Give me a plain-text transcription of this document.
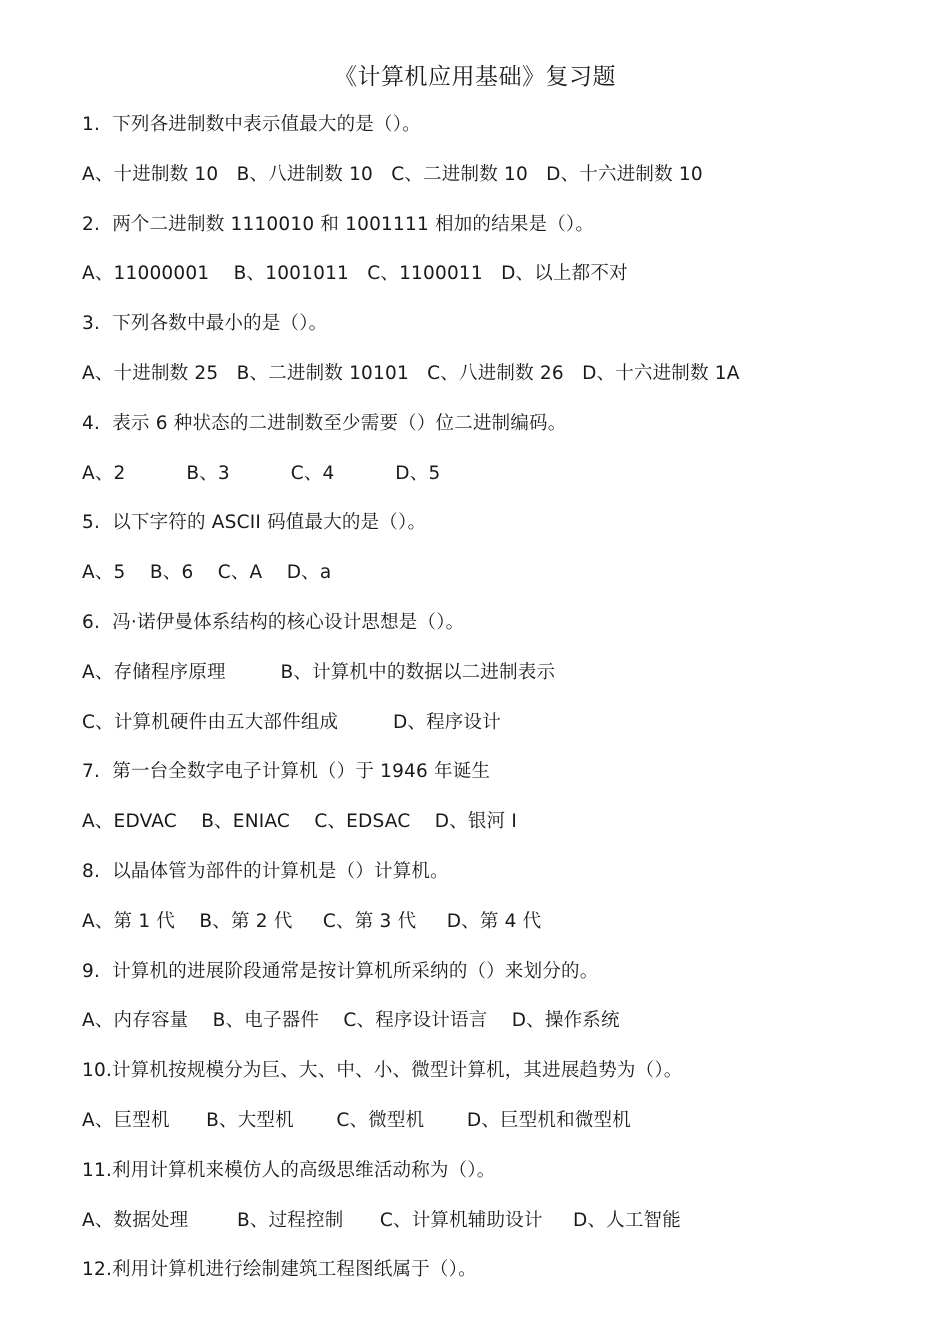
《计算机应用基础》复习题
1.  下列各进制数中表示值最大的是（）。
A、十进制数 10   B、八进制数 10   C、二进制数 10   D、十六进制数 10
2.  两个二进制数 1110010 和 1001111 相加的结果是（）。
A、11000001    B、1001011   C、1100011   D、以上都不对
3.  下列各数中最小的是（）。
A、十进制数 25   B、二进制数 10101   C、八进制数 26   D、十六进制数 1A
4.  表示 6 种状态的二进制数至少需要（）位二进制编码。
A、2          B、3          C、4          D、5
5.  以下字符的 ASCII 码值最大的是（）。
A、5    B、6    C、A    D、a
6.  冯·诺伊曼体系结构的核心设计思想是（）。
A、存储程序原理         B、计算机中的数据以二进制表示
C、计算机硬件由五大部件组成         D、程序设计
7.  第一台全数字电子计算机（）于 1946 年诞生
A、EDVAC    B、ENIAC    C、EDSAC    D、银河 I
8.  以晶体管为部件的计算机是（）计算机。
A、第 1 代    B、第 2 代     C、第 3 代     D、第 4 代
9.  计算机的进展阶段通常是按计算机所采纳的（）来划分的。
A、内存容量    B、电子器件    C、程序设计语言    D、操作系统
10.计算机按规模分为巨、大、中、小、微型计算机，其进展趋势为（）。
A、巨型机      B、大型机       C、微型机       D、巨型机和微型机
11.利用计算机来模仿人的高级思维活动称为（）。
A、数据处理        B、过程控制      C、计算机辅助设计     D、人工智能
12.利用计算机进行绘制建筑工程图纸属于（）。
